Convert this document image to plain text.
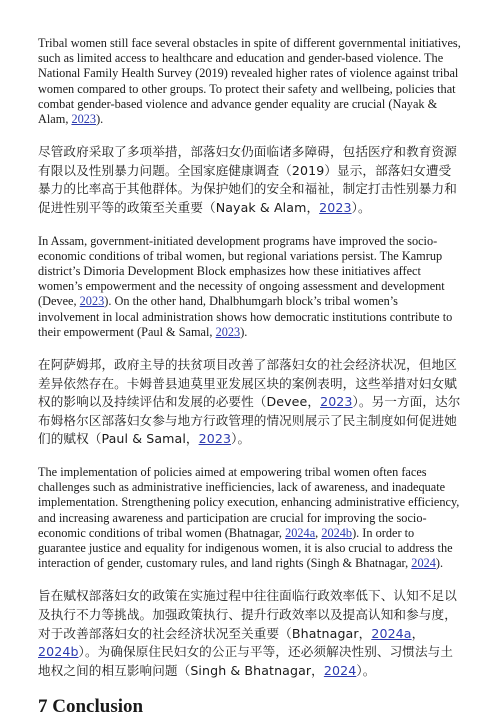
Tribal women still face several obstacles in spite of different governmental initiatives, such as limited access to healthcare and education and gender-based violence. The National Family Health Survey (2019) revealed higher rates of violence against tribal women compared to other groups. To protect their safety and wellbeing, policies that combat gender-based violence and advance gender equality are crucial (Nayak & Alam, 2023).

尽管政府采取了多项举措，部落妇女仍面临诸多障碍，包括医疗和教育资源有限以及性别暴力问题。全国家庭健康调查（2019）显示，部落妇女遭受暴力的比率高于其他群体。为保护她们的安全和福祉，制定打击性别暴力和促进性别平等的政策至关重要（Nayak & Alam，2023）。

In Assam, government-initiated development programs have improved the socio-economic conditions of tribal women, but regional variations persist. The Kamrup district’s Dimoria Development Block emphasizes how these initiatives affect women’s empowerment and the necessity of ongoing assessment and development (Devee, 2023). On the other hand, Dhalbhumgarh block’s tribal women’s involvement in local administration shows how democratic institutions contribute to their empowerment (Paul & Samal, 2023).

在阿萨姆邦，政府主导的扶贫项目改善了部落妇女的社会经济状况，但地区差异依然存在。卡姆普县迪莫里亚发展区块的案例表明，这些举措对妇女赋权的影响以及持续评估和发展的必要性（Devee，2023）。另一方面，达尔布姆格尔区部落妇女参与地方行政管理的情况则展示了民主制度如何促进她们的赋权（Paul & Samal，2023）。

The implementation of policies aimed at empowering tribal women often faces challenges such as administrative inefficiencies, lack of awareness, and inadequate implementation. Strengthening policy execution, enhancing administrative efficiency, and increasing awareness and participation are crucial for improving the socio-economic conditions of tribal women (Bhatnagar, 2024a, 2024b). In order to guarantee justice and equality for indigenous women, it is also crucial to address the interaction of gender, customary rules, and land rights (Singh & Bhatnagar, 2024).

旨在赋权部落妇女的政策在实施过程中往往面临行政效率低下、认知不足以及执行不力等挑战。加强政策执行、提升行政效率以及提高认知和参与度，对于改善部落妇女的社会经济状况至关重要（Bhatnagar，2024a，2024b）。为确保原住民妇女的公正与平等，还必须解决性别、习惯法与土地权之间的相互影响问题（Singh & Bhatnagar，2024）。

7 Conclusion
